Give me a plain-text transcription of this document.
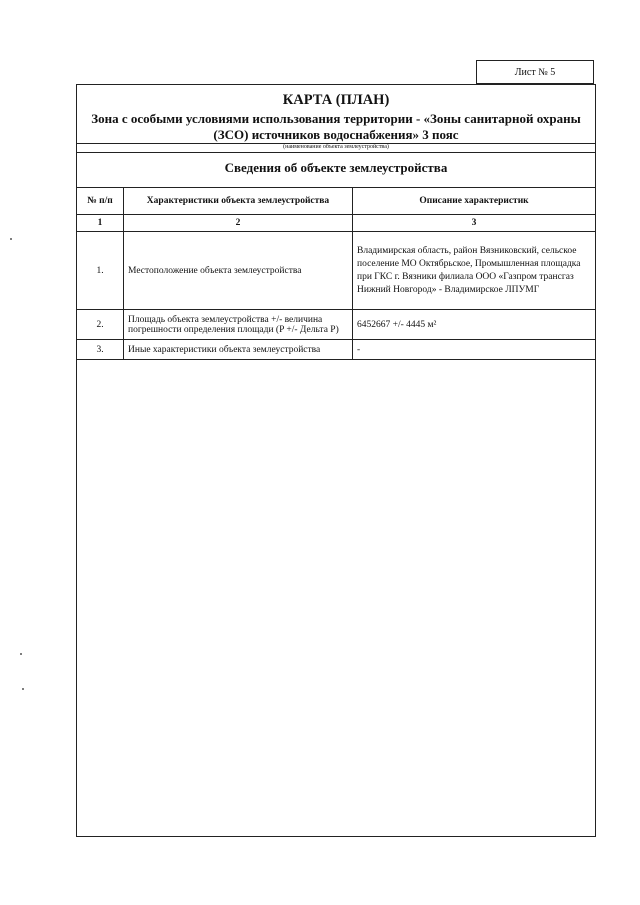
Лист № 5
КАРТА (ПЛАН)
Зона с особыми условиями использования территории - «Зоны санитарной охраны (ЗСО) источников водоснабжения» 3 пояс
(наименование объекта землеустройства)
Сведения об объекте землеустройства
№ п/п	Характеристики объекта землеустройства	Описание характеристик
1	2	3
1.	Местоположение объекта землеустройства	Владимирская область, район Вязниковский, сельское поселение МО Октябрьское, Промышленная площадка при ГКС г. Вязники филиала ООО «Газпром трансгаз Нижний Новгород» - Владимирское ЛПУМГ
2.	Площадь объекта землеустройства +/- величина погрешности определения площади (P +/- Дельта P)	6452667 +/- 4445 м²
3.	Иные характеристики объекта землеустройства	-
